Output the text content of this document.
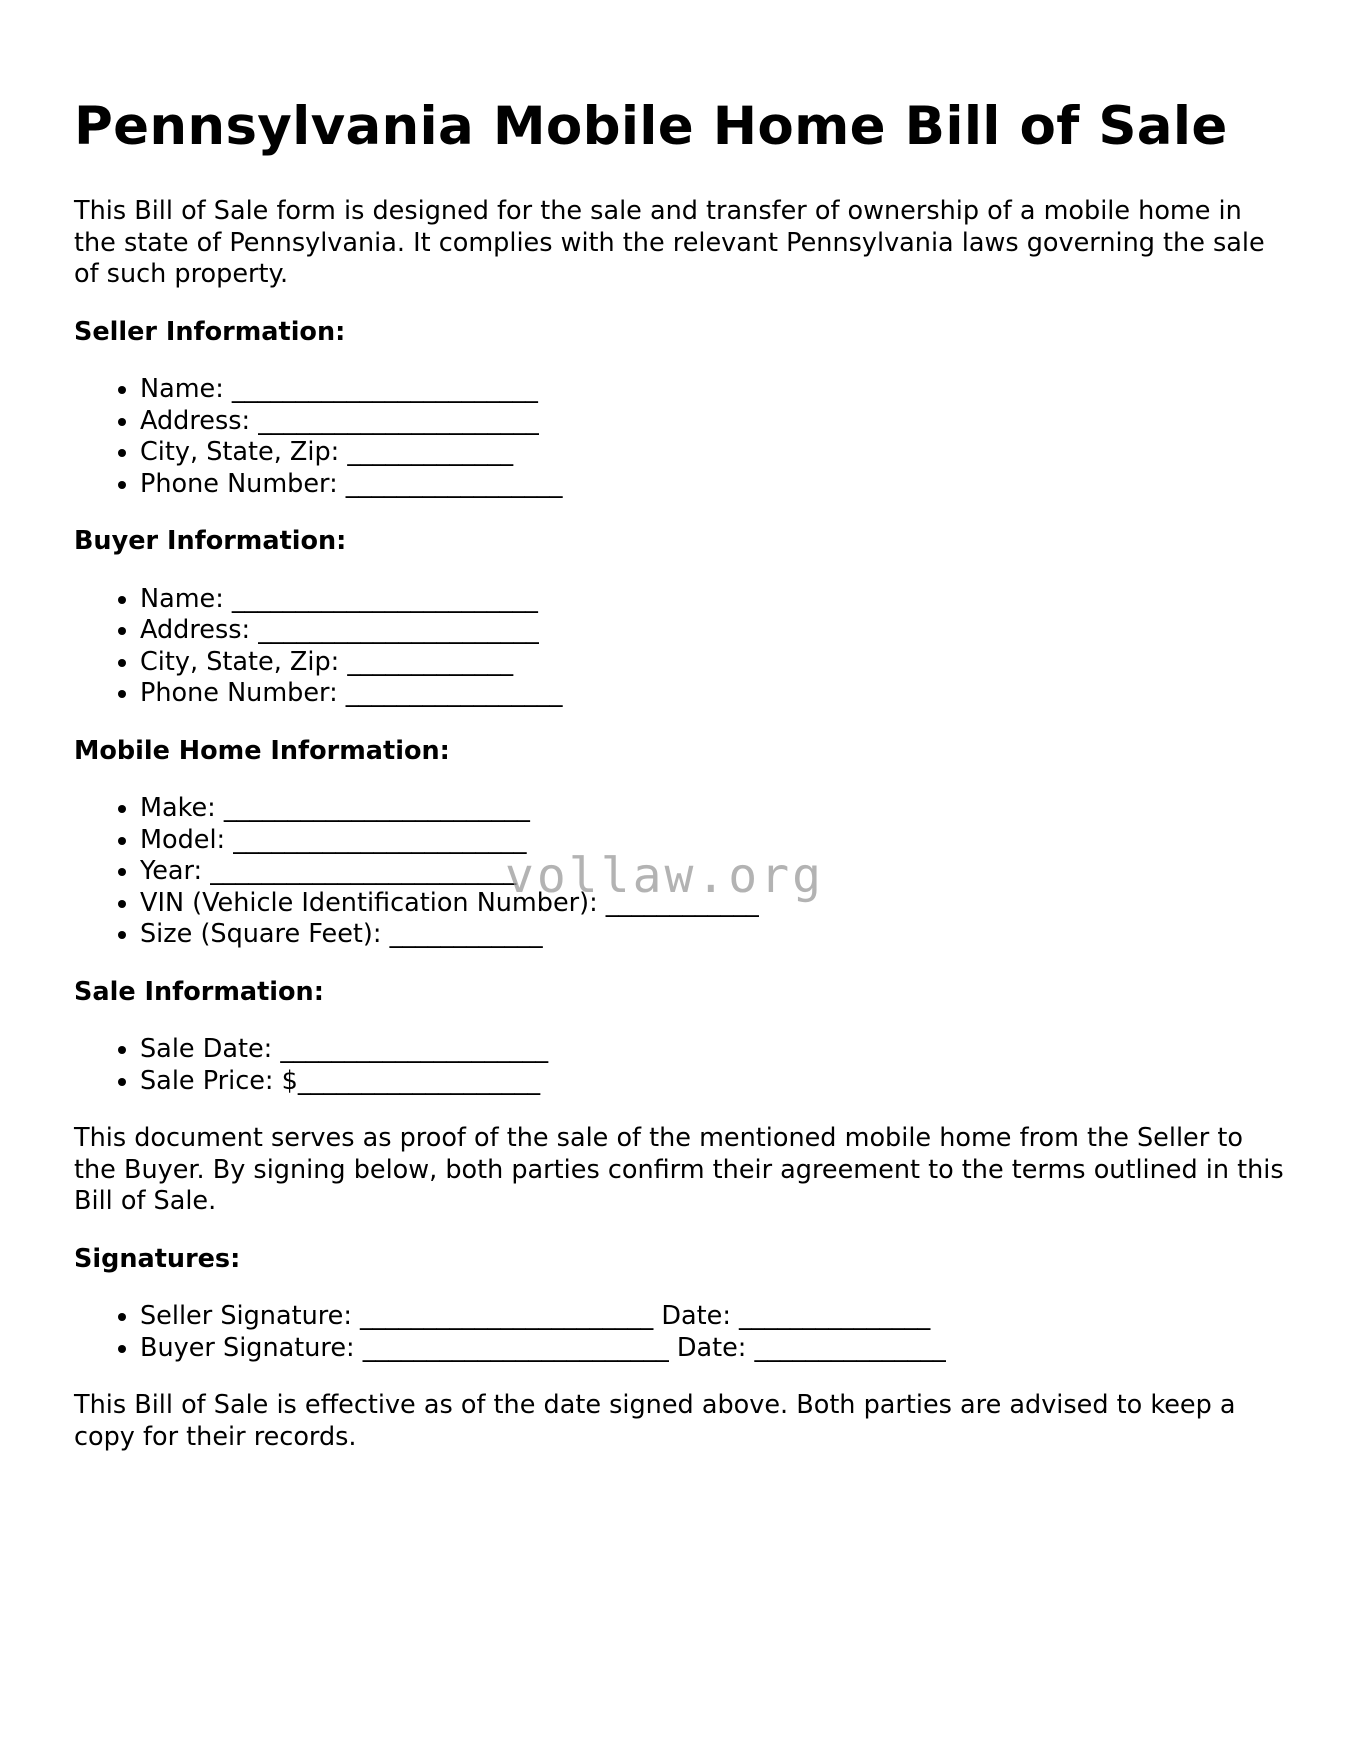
Pennsylvania Mobile Home Bill of Sale

This Bill of Sale form is designed for the sale and transfer of ownership of a mobile home in the state of Pennsylvania. It complies with the relevant Pennsylvania laws governing the sale of such property.

Seller Information:
• Name: ________________________
• Address: ______________________
• City, State, Zip: _____________
• Phone Number: _________________
Buyer Information:
• Name: ________________________
• Address: ______________________
• City, State, Zip: _____________
• Phone Number: _________________
Mobile Home Information:
• Make: ________________________
• Model: _______________________
• Year: ________________________
• VIN (Vehicle Identification Number): ____________
• Size (Square Feet): ____________
Sale Information:
• Sale Date: _____________________
• Sale Price: $___________________

This document serves as proof of the sale of the mentioned mobile home from the Seller to the Buyer. By signing below, both parties confirm their agreement to the terms outlined in this Bill of Sale.

Signatures:
• Seller Signature: _______________________ Date: _______________
• Buyer Signature: ________________________ Date: _______________

This Bill of Sale is effective as of the date signed above. Both parties are advised to keep a copy for their records.

vollaw.org
